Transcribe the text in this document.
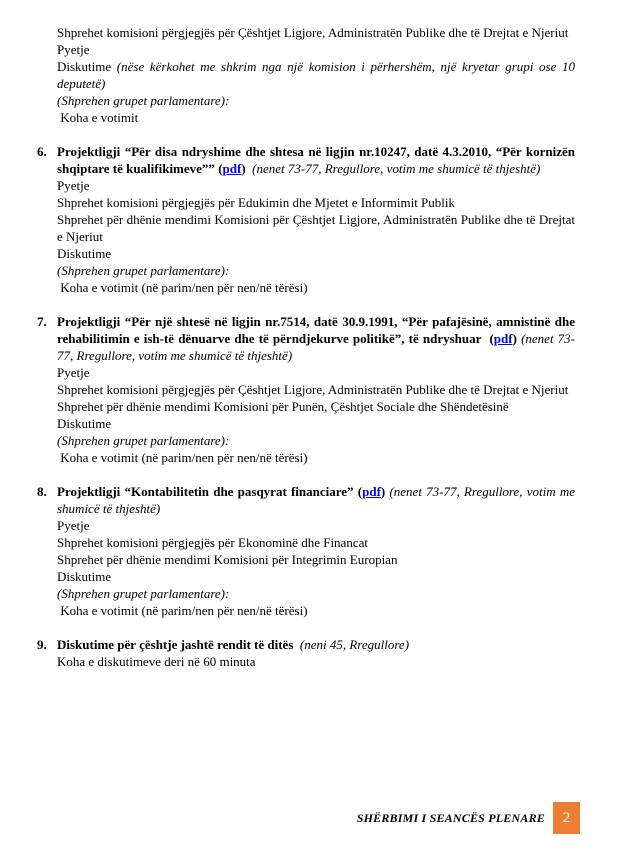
Shprehet komisioni përgjegjës për Çështjet Ligjore, Administratën Publike dhe të Drejtat e Njeriut

Pyetje

Diskutime (nëse kërkohet me shkrim nga një komision i përhershëm, një kryetar grupi ose 10 deputetë)

(Shprehen grupet parlamentare):

Koha e votimit

6. Projektligji “Për disa ndryshime dhe shtesa në ligjin nr.10247, datë 4.3.2010, “Për kornizën shqiptare të kualifikimeve”” (pdf)  (nenet 73-77, Rregullore, votim me shumicë të thjeshtë)

Pyetje

Shprehet komisioni përgjegjës për Edukimin dhe Mjetet e Informimit Publik

Shprehet për dhënie mendimi Komisioni për Çështjet Ligjore, Administratën Publike dhe të Drejtat e Njeriut

Diskutime

(Shprehen grupet parlamentare):

Koha e votimit (në parim/nen për nen/në tërësi)

7. Projektligji “Për një shtesë në ligjin nr.7514, datë 30.9.1991, “Për pafajësinë, amnistinë dhe rehabilitimin e ish-të dënuarve dhe të përndjekurve politikë”, të ndryshuar  (pdf) (nenet 73-77, Rregullore, votim me shumicë të thjeshtë)

Pyetje

Shprehet komisioni përgjegjës për Çështjet Ligjore, Administratën Publike dhe të Drejtat e Njeriut

Shprehet për dhënie mendimi Komisioni për Punën, Çështjet Sociale dhe Shëndetësinë

Diskutime

(Shprehen grupet parlamentare):

Koha e votimit (në parim/nen për nen/në tërësi)

8. Projektligji “Kontabilitetin dhe pasqyrat financiare” (pdf) (nenet 73-77, Rregullore, votim me shumicë të thjeshtë)

Pyetje

Shprehet komisioni përgjegjës për Ekonominë dhe Financat

Shprehet për dhënie mendimi Komisioni për Integrimin Europian

Diskutime

(Shprehen grupet parlamentare):

Koha e votimit (në parim/nen për nen/në tërësi)

9. Diskutime për çështje jashtë rendit të ditës  (neni 45, Rregullore)

Koha e diskutimeve deri në 60 minuta

SHËRBIMI I SEANCËS PLENARE	2
